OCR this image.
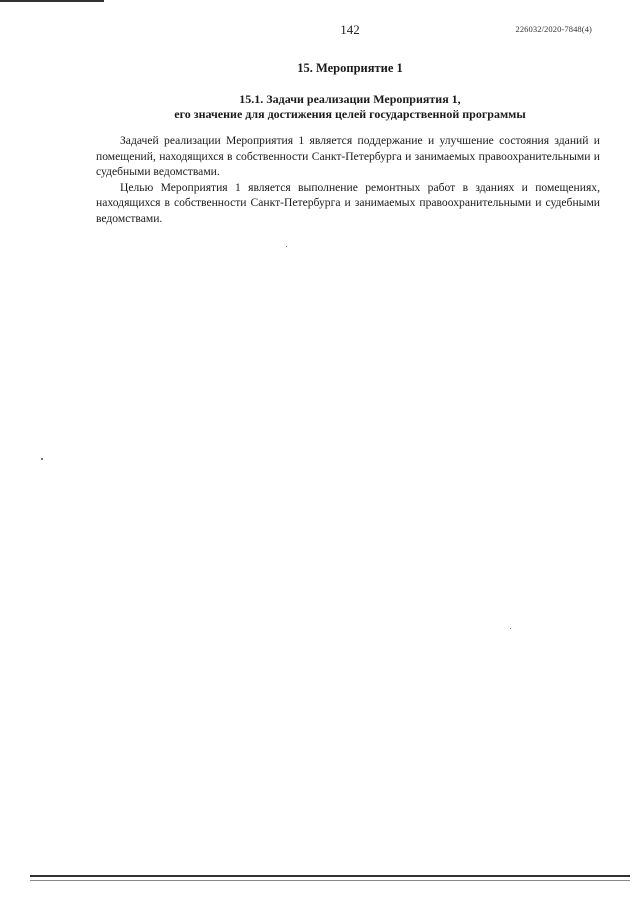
142	226032/2020-7848(4)
15. Мероприятие 1
15.1. Задачи реализации Мероприятия 1,
его значение для достижения целей государственной программы

Задачей реализации Мероприятия 1 является поддержание и улучшение состояния зданий и помещений, находящихся в собственности Санкт-Петербурга и занимаемых правоохранительными и судебными ведомствами.

Целью Мероприятия 1 является выполнение ремонтных работ в зданиях и помещениях, находящихся в собственности Санкт-Петербурга и занимаемых правоохранительными и судебными ведомствами.
